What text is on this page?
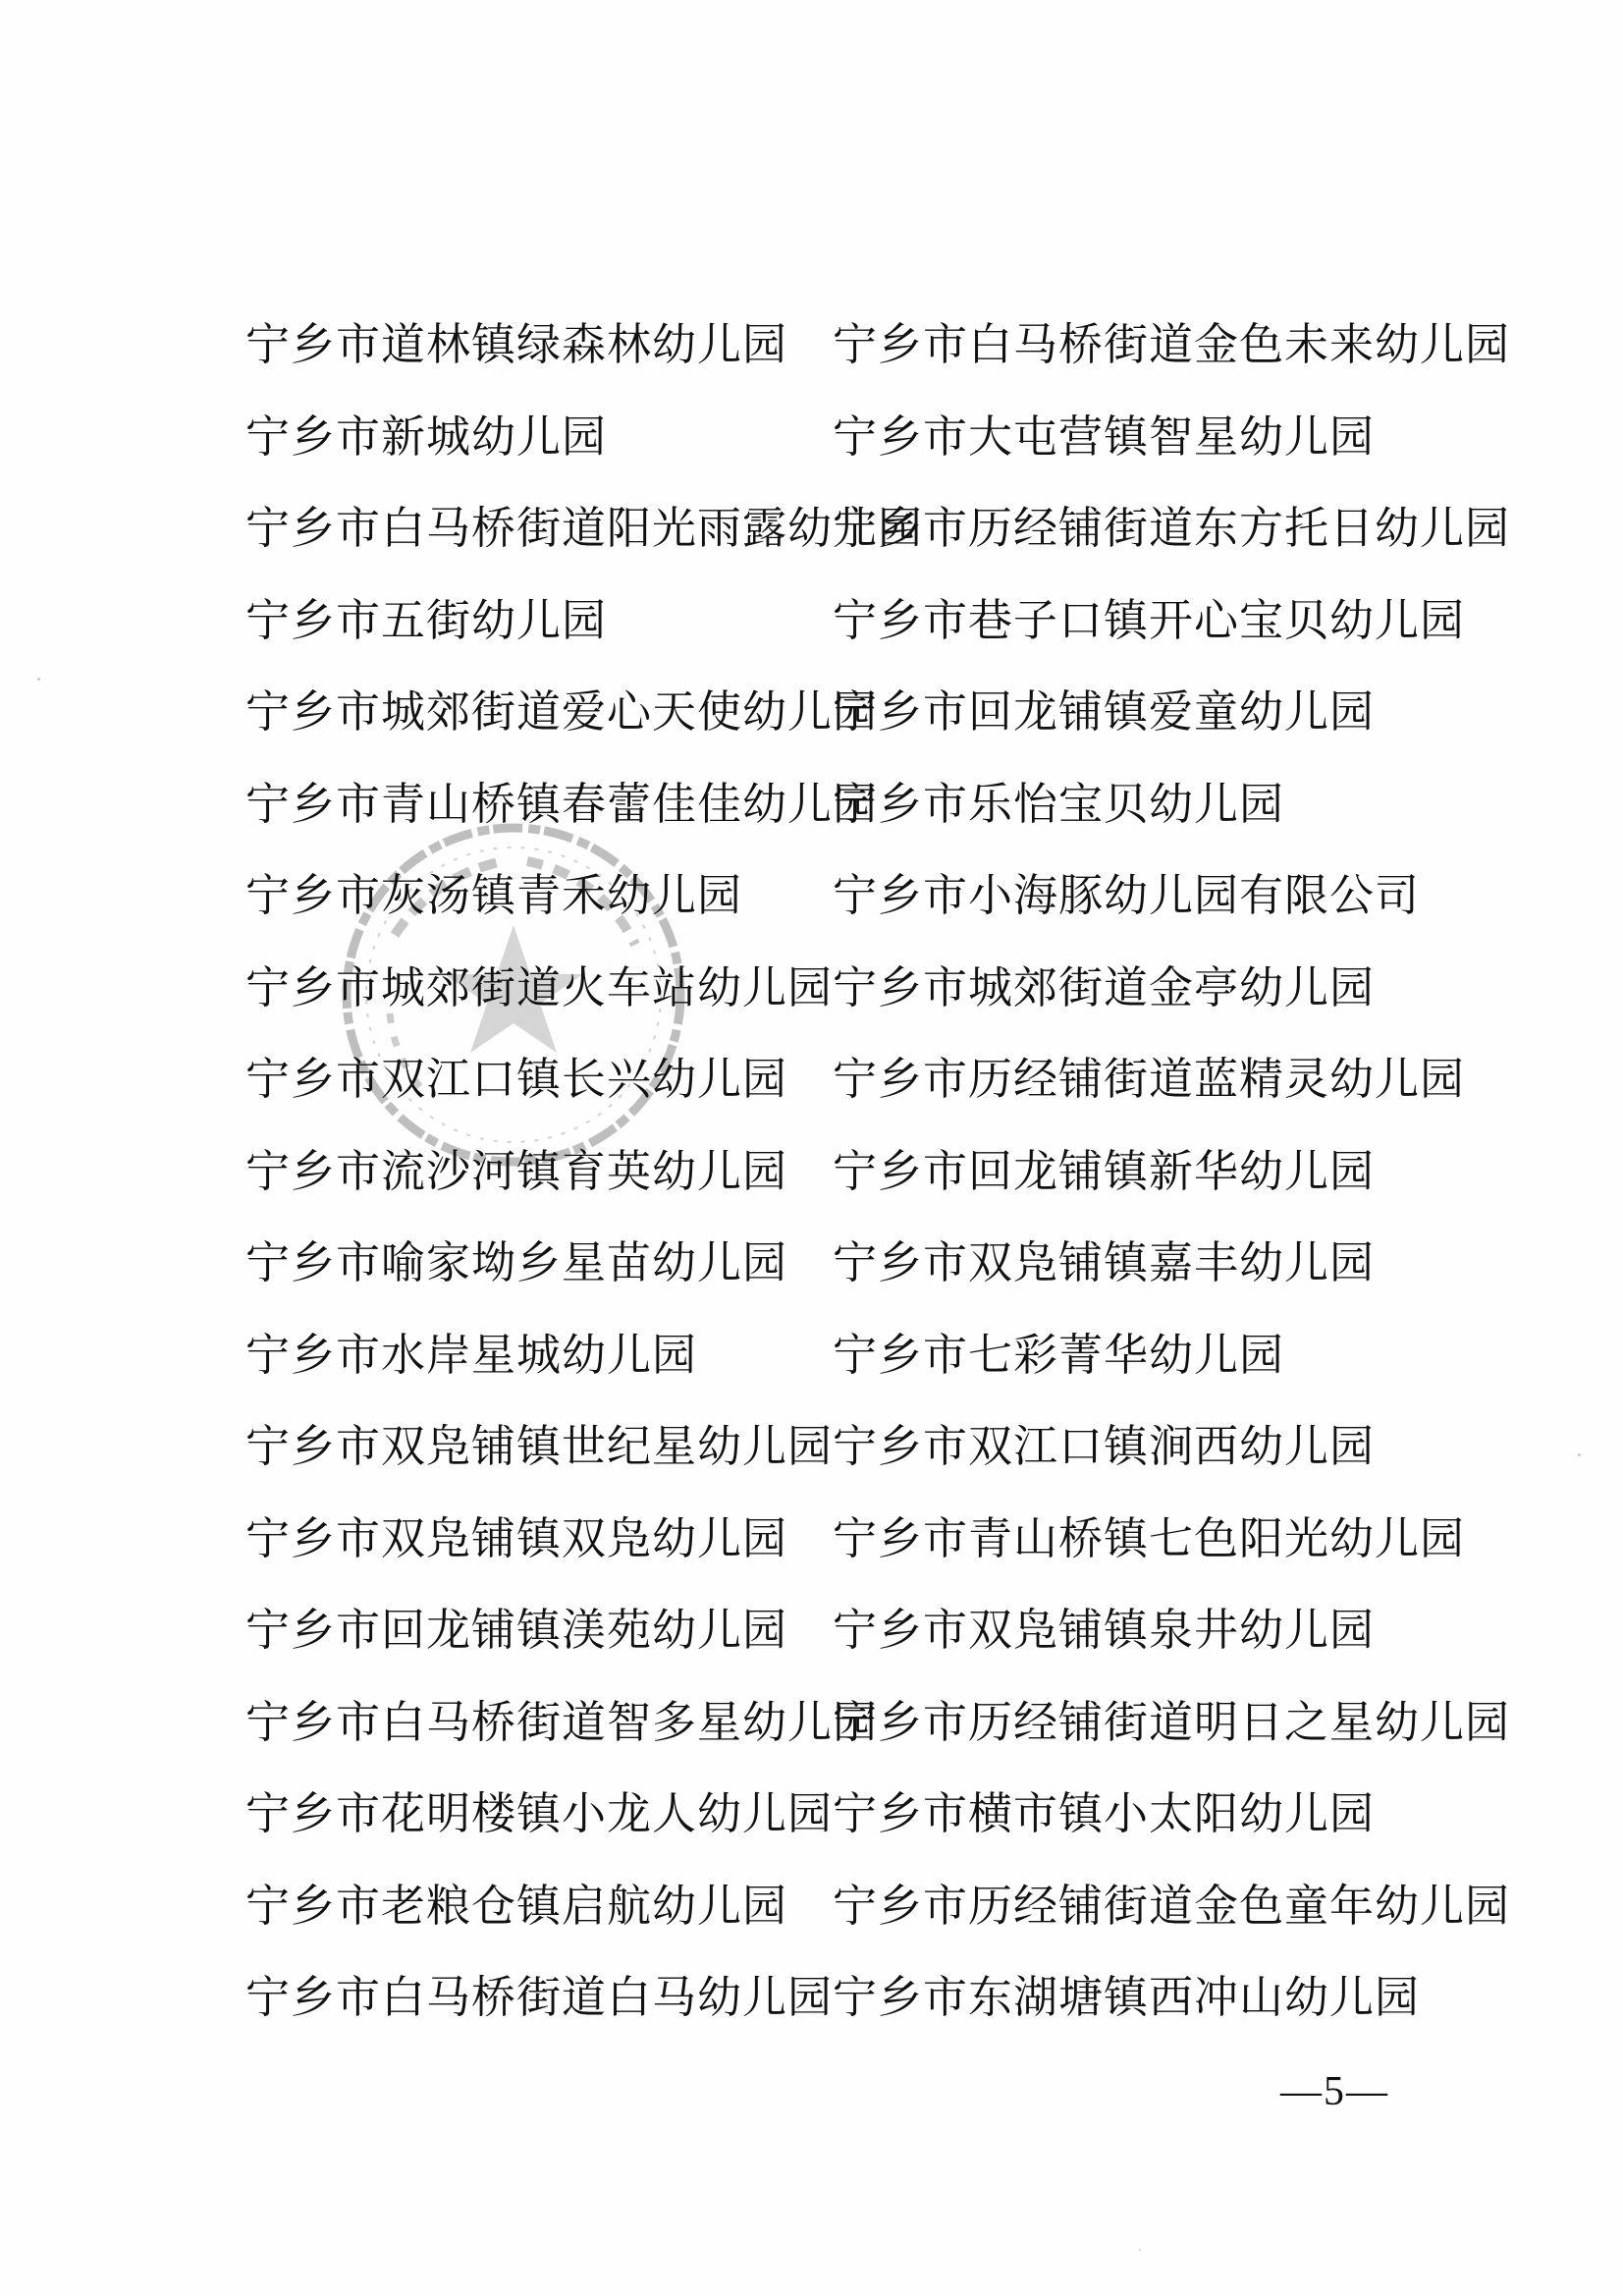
宁乡市道林镇绿森林幼儿园
宁乡市新城幼儿园
宁乡市白马桥街道阳光雨露幼儿园
宁乡市五街幼儿园
宁乡市城郊街道爱心天使幼儿园
宁乡市青山桥镇春蕾佳佳幼儿园
宁乡市灰汤镇青禾幼儿园
宁乡市城郊街道火车站幼儿园
宁乡市双江口镇长兴幼儿园
宁乡市流沙河镇育英幼儿园
宁乡市喻家坳乡星苗幼儿园
宁乡市水岸星城幼儿园
宁乡市双凫铺镇世纪星幼儿园
宁乡市双凫铺镇双凫幼儿园
宁乡市回龙铺镇渼苑幼儿园
宁乡市白马桥街道智多星幼儿园
宁乡市花明楼镇小龙人幼儿园
宁乡市老粮仓镇启航幼儿园
宁乡市白马桥街道白马幼儿园
宁乡市白马桥街道金色未来幼儿园
宁乡市大屯营镇智星幼儿园
宁乡市历经铺街道东方托日幼儿园
宁乡市巷子口镇开心宝贝幼儿园
宁乡市回龙铺镇爱童幼儿园
宁乡市乐怡宝贝幼儿园
宁乡市小海豚幼儿园有限公司
宁乡市城郊街道金亭幼儿园
宁乡市历经铺街道蓝精灵幼儿园
宁乡市回龙铺镇新华幼儿园
宁乡市双凫铺镇嘉丰幼儿园
宁乡市七彩菁华幼儿园
宁乡市双江口镇涧西幼儿园
宁乡市青山桥镇七色阳光幼儿园
宁乡市双凫铺镇泉井幼儿园
宁乡市历经铺街道明日之星幼儿园
宁乡市横市镇小太阳幼儿园
宁乡市历经铺街道金色童年幼儿园
宁乡市东湖塘镇西冲山幼儿园
—5—
